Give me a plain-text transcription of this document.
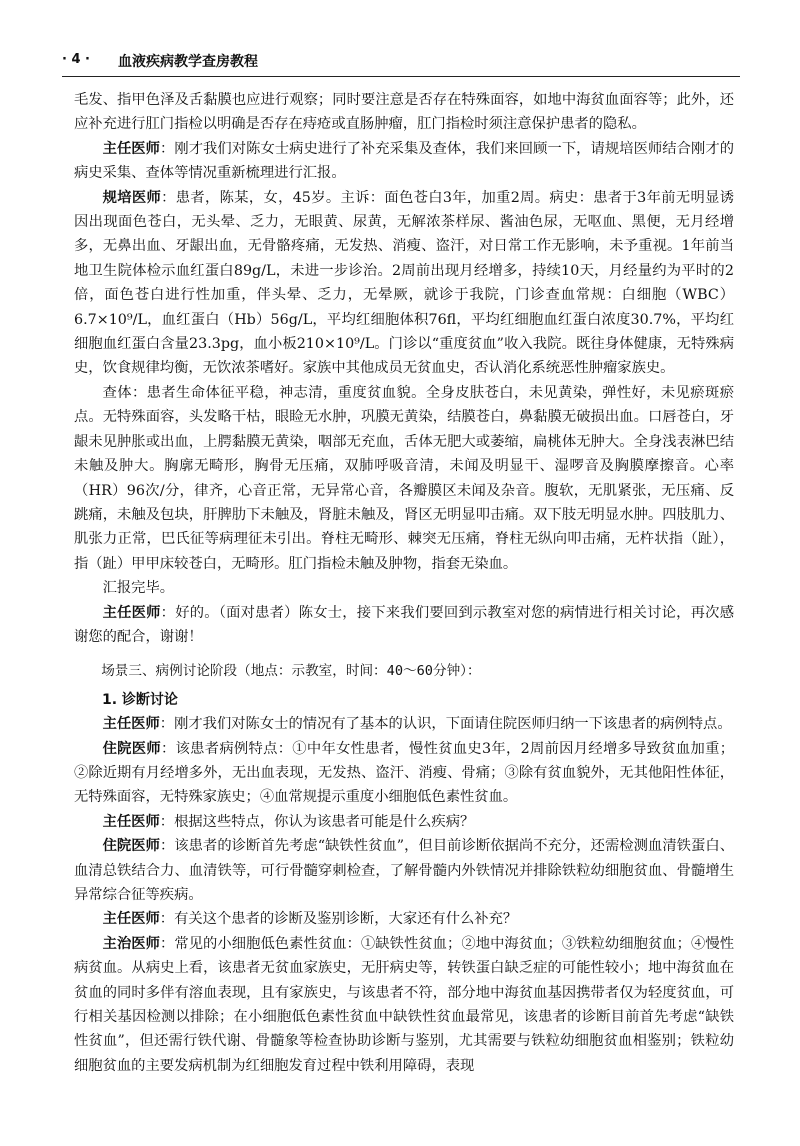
· 4 · 血液疾病教学查房教程

毛发、指甲色泽及舌黏膜也应进行观察；同时要注意是否存在特殊面容，如地中海贫血面容等；此外，还应补充进行肛门指检以明确是否存在痔疮或直肠肿瘤，肛门指检时须注意保护患者的隐私。

主任医师：刚才我们对陈女士病史进行了补充采集及查体，我们来回顾一下，请规培医师结合刚才的病史采集、查体等情况重新梳理进行汇报。

规培医师：患者，陈某，女，45岁。主诉：面色苍白3年，加重2周。病史：患者于3年前无明显诱因出现面色苍白，无头晕、乏力，无眼黄、尿黄，无解浓茶样尿、酱油色尿，无呕血、黑便，无月经增多，无鼻出血、牙龈出血，无骨骼疼痛，无发热、消瘦、盗汗，对日常工作无影响，未予重视。1年前当地卫生院体检示血红蛋白89g/L，未进一步诊治。2周前出现月经增多，持续10天，月经量约为平时的2倍，面色苍白进行性加重，伴头晕、乏力，无晕厥，就诊于我院，门诊查血常规：白细胞（WBC）6.7×10⁹/L，血红蛋白（Hb）56g/L，平均红细胞体积76fl，平均红细胞血红蛋白浓度30.7%，平均红细胞血红蛋白含量23.3pg，血小板210×10⁹/L。门诊以“重度贫血”收入我院。既往身体健康，无特殊病史，饮食规律均衡，无饮浓茶嗜好。家族中其他成员无贫血史，否认消化系统恶性肿瘤家族史。

查体：患者生命体征平稳，神志清，重度贫血貌。全身皮肤苍白，未见黄染，弹性好，未见瘀斑瘀点。无特殊面容，头发略干枯，眼睑无水肿，巩膜无黄染，结膜苍白，鼻黏膜无破损出血。口唇苍白，牙龈未见肿胀或出血，上腭黏膜无黄染，咽部无充血，舌体无肥大或萎缩，扁桃体无肿大。全身浅表淋巴结未触及肿大。胸廓无畸形，胸骨无压痛，双肺呼吸音清，未闻及明显干、湿啰音及胸膜摩擦音。心率（HR）96次/分，律齐，心音正常，无异常心音，各瓣膜区未闻及杂音。腹软，无肌紧张，无压痛、反跳痛，未触及包块，肝脾肋下未触及，肾脏未触及，肾区无明显叩击痛。双下肢无明显水肿。四肢肌力、肌张力正常，巴氏征等病理征未引出。脊柱无畸形、棘突无压痛，脊柱无纵向叩击痛，无杵状指（趾），指（趾）甲甲床较苍白，无畸形。肛门指检未触及肿物，指套无染血。

汇报完毕。

主任医师：好的。（面对患者）陈女士，接下来我们要回到示教室对您的病情进行相关讨论，再次感谢您的配合，谢谢！

场景三、病例讨论阶段（地点：示教室，时间：40～60分钟）：

1. 诊断讨论

主任医师：刚才我们对陈女士的情况有了基本的认识，下面请住院医师归纳一下该患者的病例特点。

住院医师：该患者病例特点：①中年女性患者，慢性贫血史3年，2周前因月经增多导致贫血加重；②除近期有月经增多外，无出血表现，无发热、盗汗、消瘦、骨痛；③除有贫血貌外，无其他阳性体征，无特殊面容，无特殊家族史；④血常规提示重度小细胞低色素性贫血。

主任医师：根据这些特点，你认为该患者可能是什么疾病？

住院医师：该患者的诊断首先考虑“缺铁性贫血”，但目前诊断依据尚不充分，还需检测血清铁蛋白、血清总铁结合力、血清铁等，可行骨髓穿刺检查，了解骨髓内外铁情况并排除铁粒幼细胞贫血、骨髓增生异常综合征等疾病。

主任医师：有关这个患者的诊断及鉴别诊断，大家还有什么补充？

主治医师：常见的小细胞低色素性贫血：①缺铁性贫血；②地中海贫血；③铁粒幼细胞贫血；④慢性病贫血。从病史上看，该患者无贫血家族史，无肝病史等，转铁蛋白缺乏症的可能性较小；地中海贫血在贫血的同时多伴有溶血表现，且有家族史，与该患者不符，部分地中海贫血基因携带者仅为轻度贫血，可行相关基因检测以排除；在小细胞低色素性贫血中缺铁性贫血最常见，该患者的诊断目前首先考虑“缺铁性贫血”，但还需行铁代谢、骨髓象等检查协助诊断与鉴别，尤其需要与铁粒幼细胞贫血相鉴别；铁粒幼细胞贫血的主要发病机制为红细胞发育过程中铁利用障碍，表现
